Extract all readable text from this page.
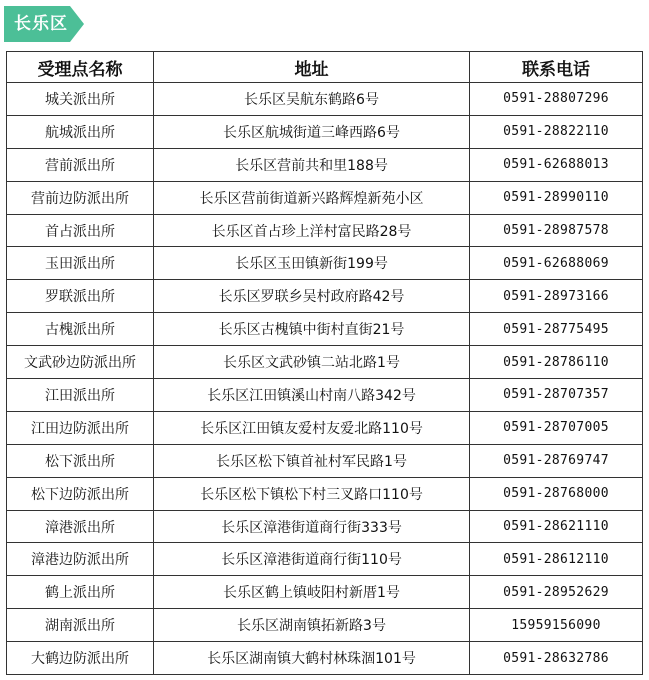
长乐区
受理点名称	地址	联系电话
城关派出所	长乐区吴航东鹤路6号	0591-28807296
航城派出所	长乐区航城街道三峰西路6号	0591-28822110
营前派出所	长乐区营前共和里188号	0591-62688013
营前边防派出所	长乐区营前街道新兴路辉煌新苑小区	0591-28990110
首占派出所	长乐区首占珍上洋村富民路28号	0591-28987578
玉田派出所	长乐区玉田镇新街199号	0591-62688069
罗联派出所	长乐区罗联乡吴村政府路42号	0591-28973166
古槐派出所	长乐区古槐镇中街村直街21号	0591-28775495
文武砂边防派出所	长乐区文武砂镇二站北路1号	0591-28786110
江田派出所	长乐区江田镇溪山村南八路342号	0591-28707357
江田边防派出所	长乐区江田镇友爱村友爱北路110号	0591-28707005
松下派出所	长乐区松下镇首祉村军民路1号	0591-28769747
松下边防派出所	长乐区松下镇松下村三叉路口110号	0591-28768000
漳港派出所	长乐区漳港街道商行街333号	0591-28621110
漳港边防派出所	长乐区漳港街道商行街110号	0591-28612110
鹤上派出所	长乐区鹤上镇岐阳村新厝1号	0591-28952629
湖南派出所	长乐区湖南镇拓新路3号	15959156090
大鹤边防派出所	长乐区湖南镇大鹤村林珠涸101号	0591-28632786
